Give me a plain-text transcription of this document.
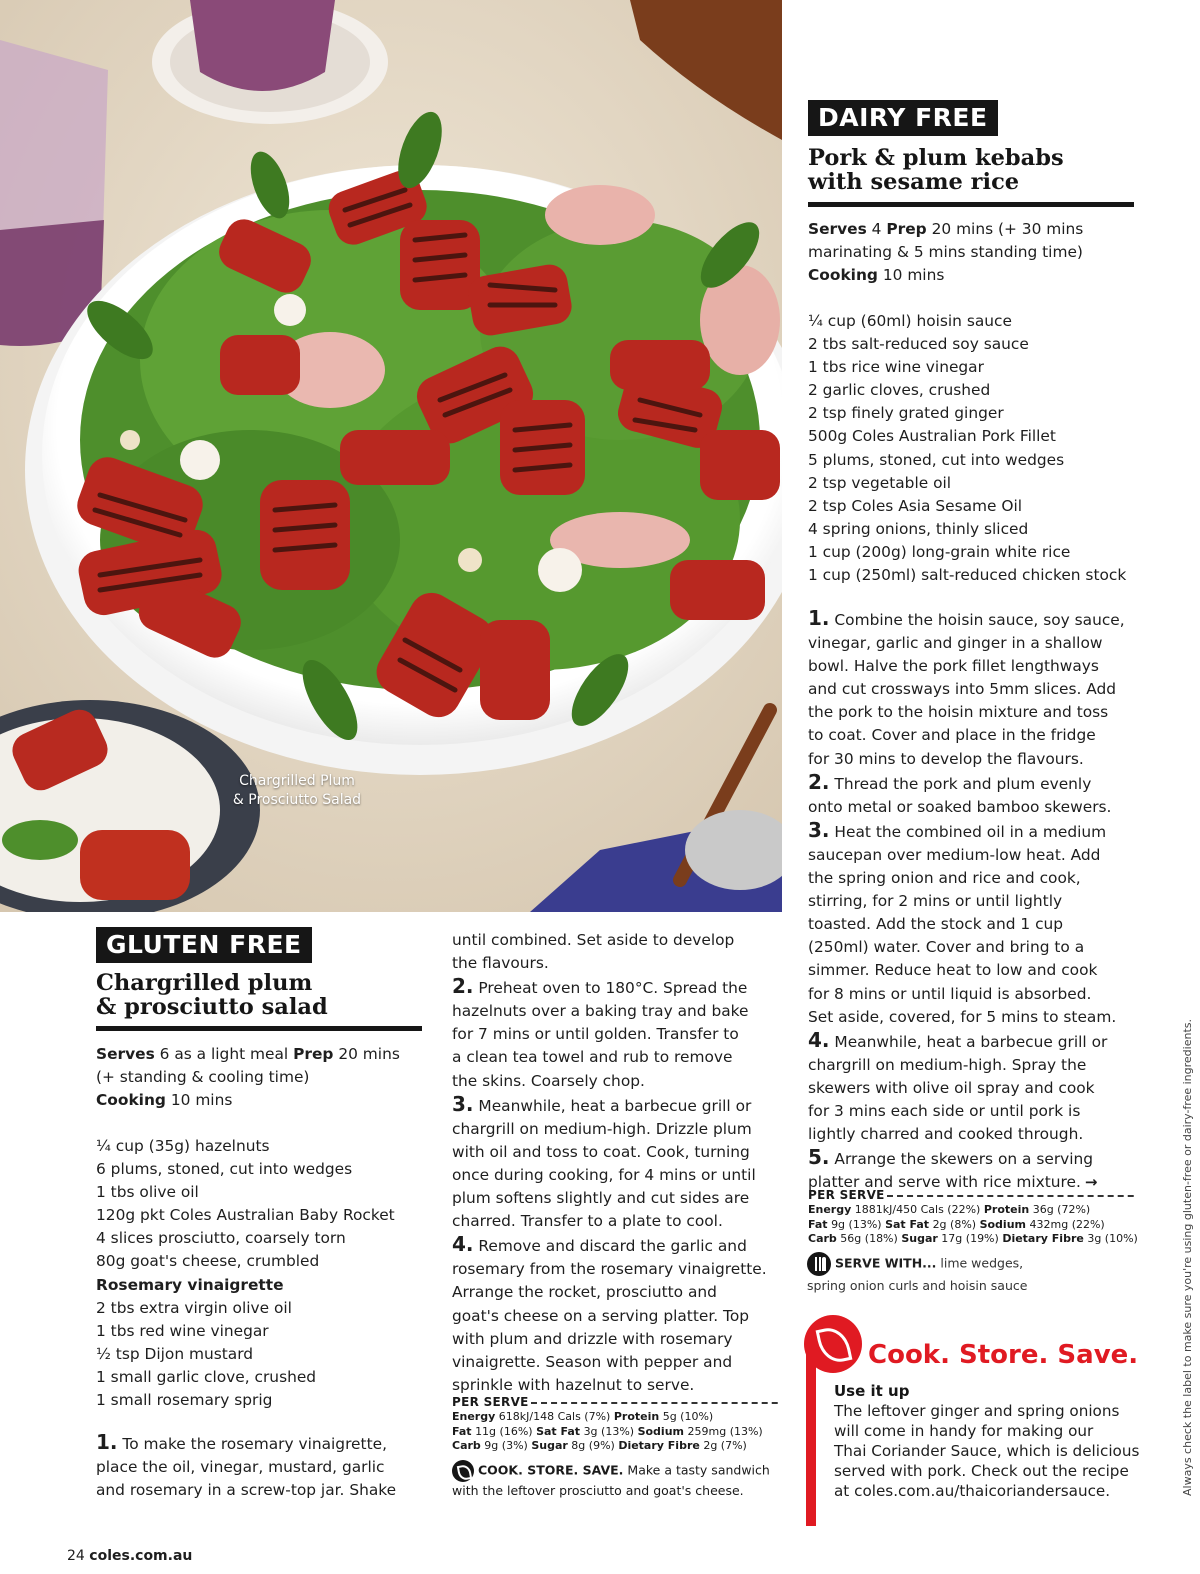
Chargrilled Plum
& Prosciutto Salad
GLUTEN FREE
Chargrilled plum
& prosciutto salad
Serves 6 as a light meal Prep 20 mins
(+ standing & cooling time)
Cooking 10 mins
¼ cup (35g) hazelnuts
6 plums, stoned, cut into wedges
1 tbs olive oil
120g pkt Coles Australian Baby Rocket
4 slices prosciutto, coarsely torn
80g goat's cheese, crumbled
Rosemary vinaigrette
2 tbs extra virgin olive oil
1 tbs red wine vinegar
½ tsp Dijon mustard
1 small garlic clove, crushed
1 small rosemary sprig
1. To make the rosemary vinaigrette,
place the oil, vinegar, mustard, garlic
and rosemary in a screw-top jar. Shake
until combined. Set aside to develop
the flavours.
2. Preheat oven to 180°C. Spread the
hazelnuts over a baking tray and bake
for 7 mins or until golden. Transfer to
a clean tea towel and rub to remove
the skins. Coarsely chop.
3. Meanwhile, heat a barbecue grill or
chargrill on medium-high. Drizzle plum
with oil and toss to coat. Cook, turning
once during cooking, for 4 mins or until
plum softens slightly and cut sides are
charred. Transfer to a plate to cool.
4. Remove and discard the garlic and
rosemary from the rosemary vinaigrette.
Arrange the rocket, prosciutto and
goat's cheese on a serving platter. Top
with plum and drizzle with rosemary
vinaigrette. Season with pepper and
sprinkle with hazelnut to serve.
PER SERVE
Energy 618kJ/148 Cals (7%) Protein 5g (10%)
Fat 11g (16%) Sat Fat 3g (13%) Sodium 259mg (13%)
Carb 9g (3%) Sugar 8g (9%) Dietary Fibre 2g (7%)
COOK. STORE. SAVE. Make a tasty sandwich
with the leftover prosciutto and goat's cheese.
DAIRY FREE
Pork & plum kebabs
with sesame rice
Serves 4 Prep 20 mins (+ 30 mins
marinating & 5 mins standing time)
Cooking 10 mins
¼ cup (60ml) hoisin sauce
2 tbs salt-reduced soy sauce
1 tbs rice wine vinegar
2 garlic cloves, crushed
2 tsp finely grated ginger
500g Coles Australian Pork Fillet
5 plums, stoned, cut into wedges
2 tsp vegetable oil
2 tsp Coles Asia Sesame Oil
4 spring onions, thinly sliced
1 cup (200g) long-grain white rice
1 cup (250ml) salt-reduced chicken stock
1. Combine the hoisin sauce, soy sauce,
vinegar, garlic and ginger in a shallow
bowl. Halve the pork fillet lengthways
and cut crossways into 5mm slices. Add
the pork to the hoisin mixture and toss
to coat. Cover and place in the fridge
for 30 mins to develop the flavours.
2. Thread the pork and plum evenly
onto metal or soaked bamboo skewers.
3. Heat the combined oil in a medium
saucepan over medium-low heat. Add
the spring onion and rice and cook,
stirring, for 2 mins or until lightly
toasted. Add the stock and 1 cup
(250ml) water. Cover and bring to a
simmer. Reduce heat to low and cook
for 8 mins or until liquid is absorbed.
Set aside, covered, for 5 mins to steam.
4. Meanwhile, heat a barbecue grill or
chargrill on medium-high. Spray the
skewers with olive oil spray and cook
for 3 mins each side or until pork is
lightly charred and cooked through.
5. Arrange the skewers on a serving
platter and serve with rice mixture. →
PER SERVE
Energy 1881kJ/450 Cals (22%) Protein 36g (72%)
Fat 9g (13%) Sat Fat 2g (8%) Sodium 432mg (22%)
Carb 56g (18%) Sugar 17g (19%) Dietary Fibre 3g (10%)
SERVE WITH... lime wedges,
spring onion curls and hoisin sauce
Cook. Store. Save.
Use it up
The leftover ginger and spring onions
will come in handy for making our
Thai Coriander Sauce, which is delicious
served with pork. Check out the recipe
at coles.com.au/thaicoriandersauce.	Always check the label to make sure you're using gluten-free or dairy-free ingredients.
24 coles.com.au
